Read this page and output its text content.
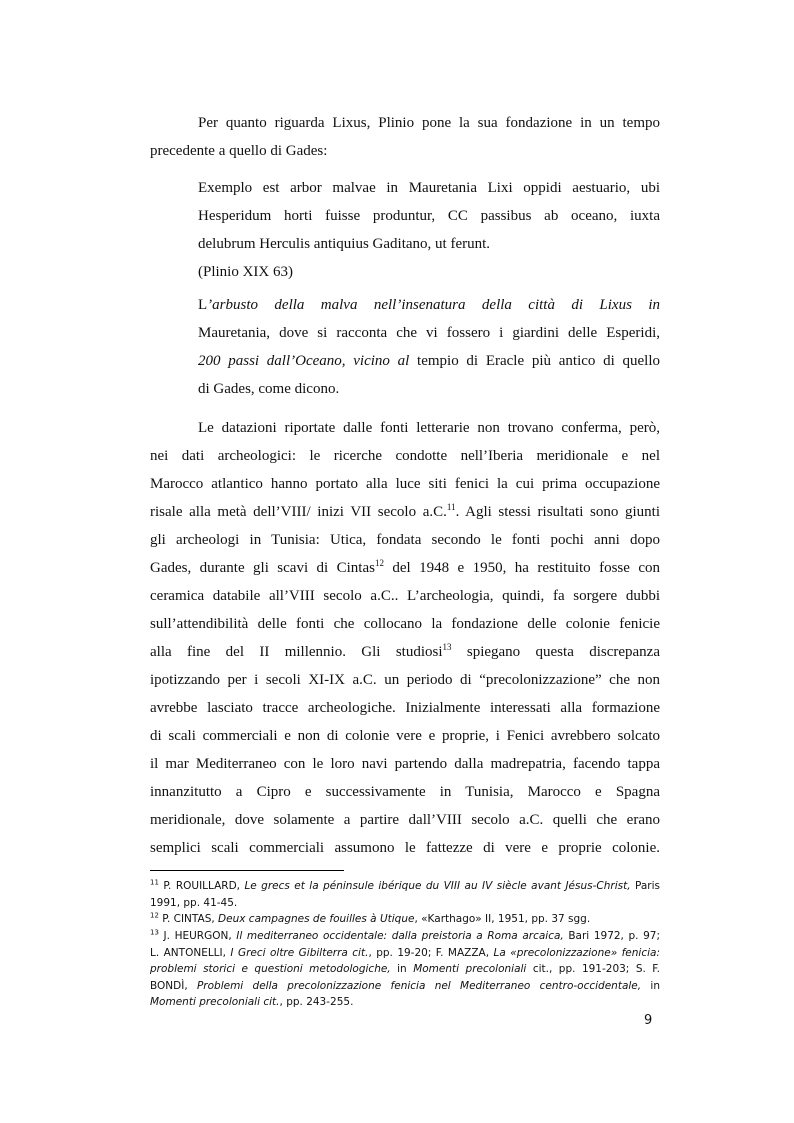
Per quanto riguarda Lixus, Plinio pone la sua fondazione in un tempo
precedente a quello di Gades:

Exemplo est arbor malvae in Mauretania Lixi oppidi aestuario, ubi
Hesperidum horti fuisse produntur, CC passibus ab oceano, iuxta
delubrum Herculis antiquius Gaditano, ut ferunt.

(Plinio XIX 63)

L’arbusto della malva nell’insenatura della città di Lixus in
Mauretania, dove si racconta che vi fossero i giardini delle Esperidi,
200 passi dall’Oceano, vicino al tempio di Eracle più antico di quello
di Gades, come dicono.

Le datazioni riportate dalle fonti letterarie non trovano conferma, però,
nei dati archeologici: le ricerche condotte nell’Iberia meridionale e nel
Marocco atlantico hanno portato alla luce siti fenici la cui prima occupazione
risale alla metà dell’VIII/ inizi VII secolo a.C.$^{11}$. Agli stessi risultati sono giunti
gli archeologi in Tunisia: Utica, fondata secondo le fonti pochi anni dopo
Gades, durante gli scavi di Cintas$^{12}$ del 1948 e 1950, ha restituito fosse con
ceramica databile all’VIII secolo a.C.. L’archeologia, quindi, fa sorgere dubbi
sull’attendibilità delle fonti che collocano la fondazione delle colonie fenicie
alla fine del II millennio. Gli studiosi$^{13}$ spiegano questa discrepanza
ipotizzando per i secoli XI-IX a.C. un periodo di “precolonizzazione” che non
avrebbe lasciato tracce archeologiche. Inizialmente interessati alla formazione
di scali commerciali e non di colonie vere e proprie, i Fenici avrebbero solcato
il mar Mediterraneo con le loro navi partendo dalla madrepatria, facendo tappa
innanzitutto a Cipro e successivamente in Tunisia, Marocco e Spagna
meridionale, dove solamente a partire dall’VIII secolo a.C. quelli che erano
semplici scali commerciali assumono le fattezze di vere e proprie colonie.

$^{11}$ P. ROUILLARD, Le grecs et la péninsule ibérique du VIII au IV siècle avant Jésus-Christ, Paris
1991, pp. 41-45.

$^{12}$ P. CINTAS, Deux campagnes de fouilles à Utique, «Karthago» II, 1951, pp. 37 sgg.

$^{13}$ J. HEURGON, Il mediterraneo occidentale: dalla preistoria a Roma arcaica, Bari 1972, p. 97;
L. ANTONELLI, I Greci oltre Gibilterra cit., pp. 19-20; F. MAZZA, La «precolonizzazione» fenicia:
problemi storici e questioni metodologiche, in Momenti precoloniali cit., pp. 191-203; S. F.
BONDÌ, Problemi della precolonizzazione fenicia nel Mediterraneo centro-occidentale, in
Momenti precoloniali cit., pp. 243-255.

9
